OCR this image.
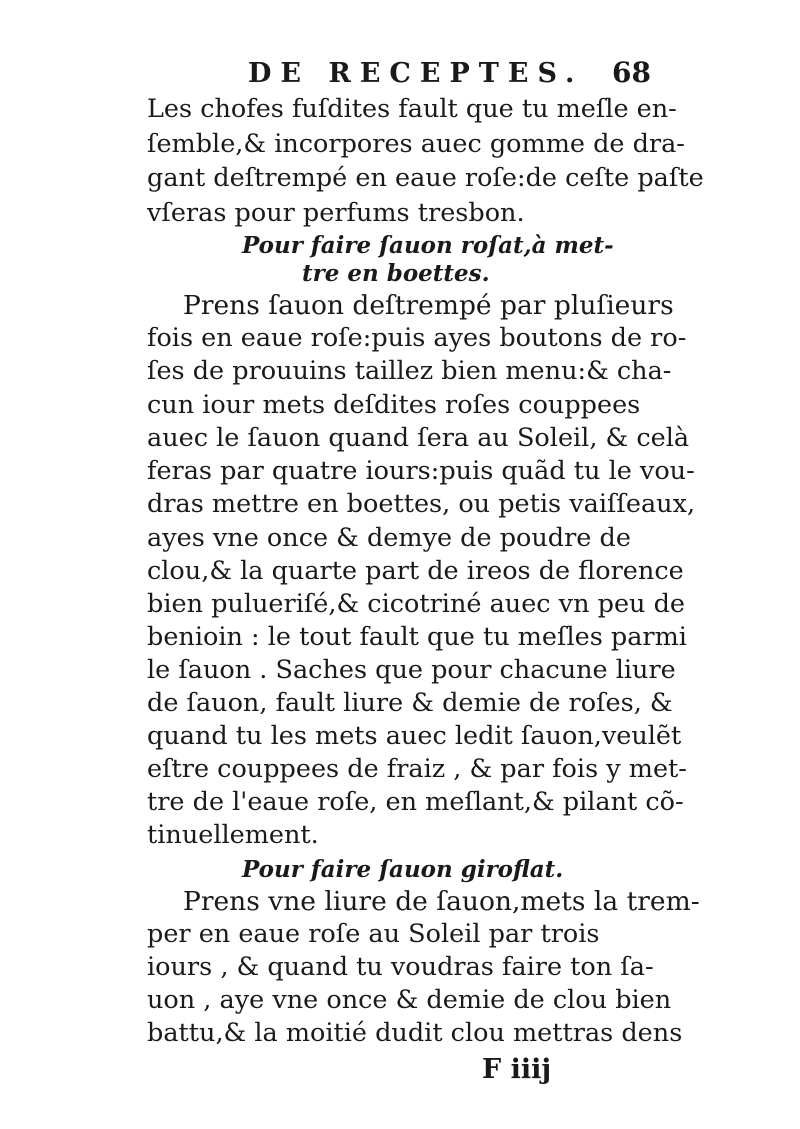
DE RECEPTES. 68
Les chofes fuſdites fault que tu meſle en-
ſemble,& incorpores auec gomme de dra-
gant deſtrempé en eaue roſe:de ceſte paſte
vſeras pour perfums tresbon.
Pour faire ſauon roſat,à met-
tre en boettes.
Prens ſauon deſtrempé par pluſieurs
fois en eaue roſe:puis ayes boutons de ro-
ſes de prouuins taillez bien menu:& cha-
cun iour mets deſdites roſes couppees
auec le ſauon quand ſera au Soleil, & celà
feras par quatre iours:puis quãd tu le vou-
dras mettre en boettes, ou petis vaiſſeaux,
ayes vne once & demye de poudre de
clou,& la quarte part de ireos de florence
bien pulueriſé,& cicotriné auec vn peu de
benioin : le tout fault que tu meſles parmi
le ſauon . Saches que pour chacune liure
de ſauon, fault liure & demie de roſes, &
quand tu les mets auec ledit ſauon,veulẽt
eſtre couppees de fraiz , & par fois y met-
tre de l'eaue roſe, en meſlant,& pilant cõ-
tinuellement.
Pour faire ſauon giroflat.
Prens vne liure de ſauon,mets la trem-
per en eaue roſe au Soleil par trois
iours , & quand tu voudras faire ton ſa-
uon , aye vne once & demie de clou bien
battu,& la moitié dudit clou mettras dens
F iiij
